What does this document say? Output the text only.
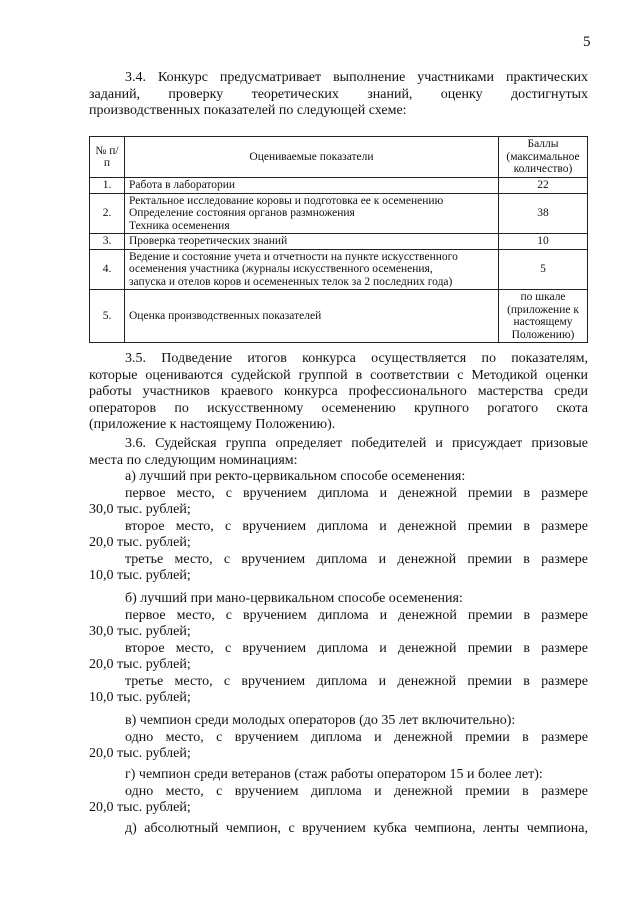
5
3.4. Конкурс предусматривает выполнение участниками практических
заданий, проверку теоретических знаний, оценку достигнутых
производственных показателей по следующей схеме:
№ п/п	Оцениваемые показатели	Баллы (максимальное количество)
1.	Работа в лаборатории	22
2.	Ректальное исследование коровы и подготовка ее к осеменению
Определение состояния органов размножения
Техника осеменения	38
3.	Проверка теоретических знаний	10
4.	Ведение и состояние учета и отчетности на пункте искусственного
осеменения участника (журналы искусственного осеменения,
запуска и отелов коров и осемененных телок за 2 последних года)	5
5.	Оценка производственных показателей	по шкале (приложение к настоящему Положению)
3.5. Подведение итогов конкурса осуществляется по показателям,
которые оцениваются судейской группой в соответствии с Методикой оценки
работы участников краевого конкурса профессионального мастерства среди
операторов по искусственному осеменению крупного рогатого скота
(приложение к настоящему Положению).
3.6. Судейская группа определяет победителей и присуждает призовые
места по следующим номинациям:
а) лучший при ректо-цервикальном способе осеменения:
первое место, с вручением диплома и денежной премии в размере
30,0 тыс. рублей;
второе место, с вручением диплома и денежной премии в размере
20,0 тыс. рублей;
третье место, с вручением диплома и денежной премии в размере
10,0 тыс. рублей;
б) лучший при мано-цервикальном способе осеменения:
первое место, с вручением диплома и денежной премии в размере
30,0 тыс. рублей;
второе место, с вручением диплома и денежной премии в размере
20,0 тыс. рублей;
третье место, с вручением диплома и денежной премии в размере
10,0 тыс. рублей;
в) чемпион среди молодых операторов (до 35 лет включительно):
одно место, с вручением диплома и денежной премии в размере
20,0 тыс. рублей;
г) чемпион среди ветеранов (стаж работы оператором 15 и более лет):
одно место, с вручением диплома и денежной премии в размере
20,0 тыс. рублей;
д) абсолютный чемпион, с вручением кубка чемпиона, ленты чемпиона,
